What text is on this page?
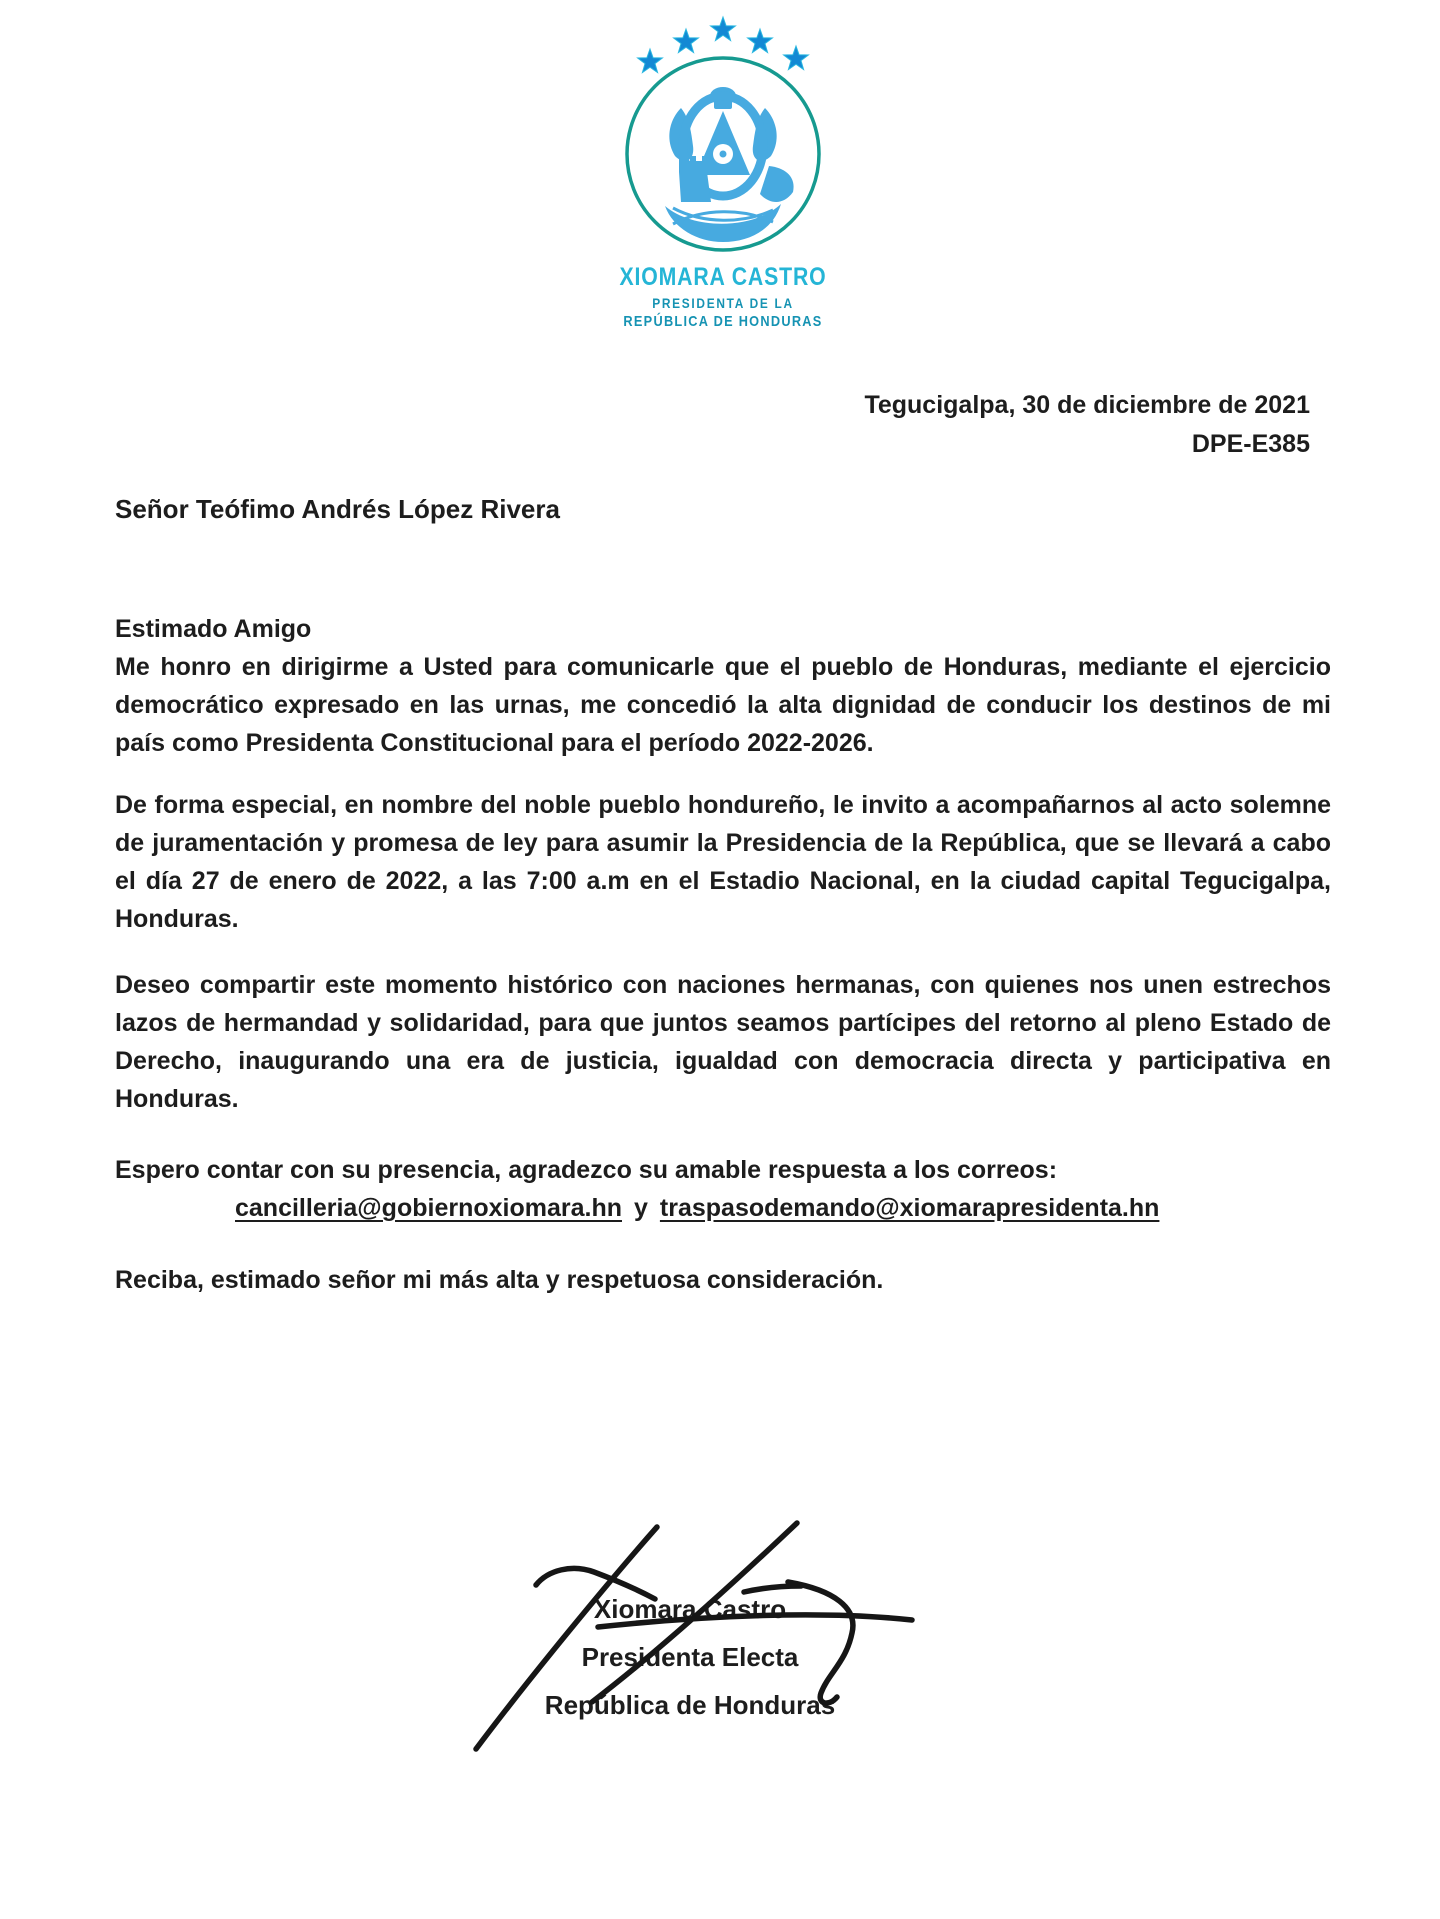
XIOMARA CASTRO
PRESIDENTA DE LA
REPÚBLICA DE HONDURAS
Tegucigalpa, 30 de diciembre de 2021
DPE-E385
Señor Teófimo Andrés López Rivera

Estimado Amigo

Me honro en dirigirme a Usted para comunicarle que el pueblo de Honduras, mediante el ejercicio democrático expresado en las urnas, me concedió la alta dignidad de conducir los destinos de mi país como Presidenta Constitucional para el período 2022-2026.

De forma especial, en nombre del noble pueblo hondureño, le invito a acompañarnos al acto solemne de juramentación y promesa de ley para asumir la Presidencia de la República, que se llevará a cabo el día 27 de enero de 2022, a las 7:00 a.m en el Estadio Nacional, en la ciudad capital Tegucigalpa, Honduras.

Deseo compartir este momento histórico con naciones hermanas, con quienes nos unen estrechos lazos de hermandad y solidaridad, para que juntos seamos partícipes del retorno al pleno Estado de Derecho, inaugurando una era de justicia, igualdad con democracia directa y participativa en Honduras.

Espero contar con su presencia, agradezco su amable respuesta a los correos:

cancilleria@gobiernoxiomara.hn y traspasodemando@xiomarapresidenta.hn

Reciba, estimado señor mi más alta y respetuosa consideración.

Xiomara Castro
Presidenta Electa
República de Honduras
